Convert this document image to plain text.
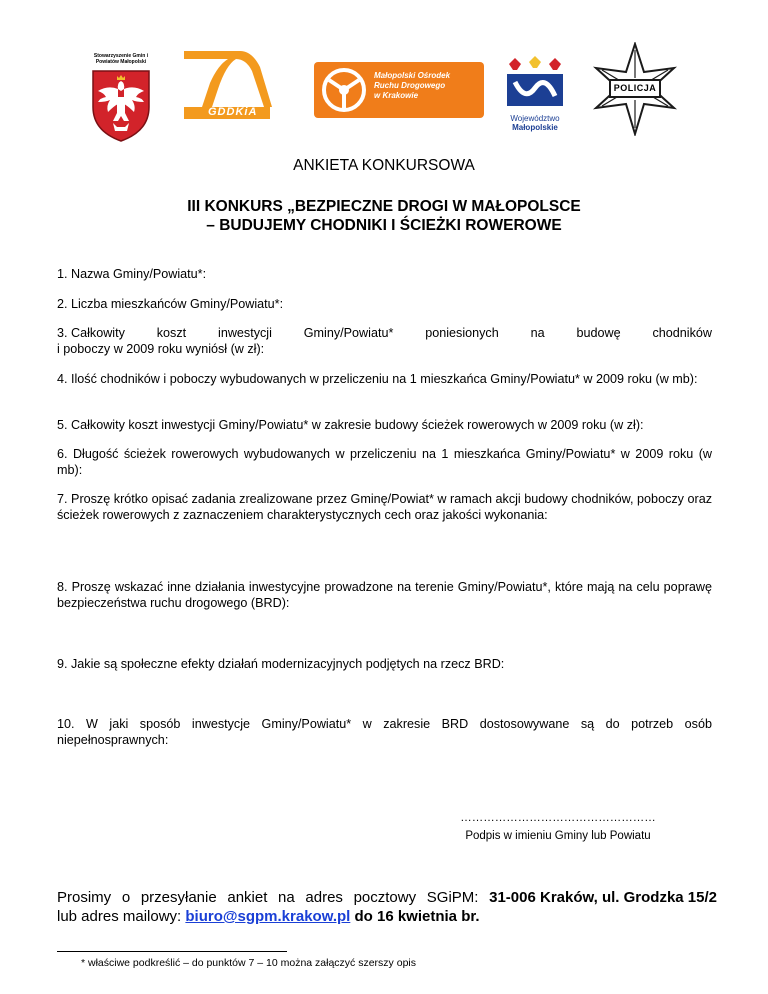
Stowarzyszenie Gmin i Powiatów Małopolski
GDDKiA
Małopolski Ośrodek
Ruchu Drogowego
w Krakowie
Województwo
Małopolskie
POLICJA
ANKIETA KONKURSOWA
III KONKURS „BEZPIECZNE DROGI W MAŁOPOLSCE
– BUDUJEMY CHODNIKI I ŚCIEŻKI ROWEROWE
1. Nazwa Gminy/Powiatu*:
2. Liczba mieszkańców Gminy/Powiatu*:
3. Całkowity	koszt	inwestycji	Gminy/Powiatu*	poniesionych	na	budowę	chodników
i poboczy w 2009 roku wyniósł (w zł):
4. Ilość chodników i poboczy wybudowanych w przeliczeniu na 1 mieszkańca Gminy/Powiatu* w 2009 roku (w mb):
5. Całkowity koszt inwestycji Gminy/Powiatu* w zakresie budowy ścieżek rowerowych w 2009 roku (w zł):
6. Długość ścieżek rowerowych wybudowanych w przeliczeniu na 1 mieszkańca Gminy/Powiatu* w 2009 roku (w mb):
7. Proszę krótko opisać zadania zrealizowane przez Gminę/Powiat* w ramach akcji budowy chodników, poboczy oraz ścieżek rowerowych z zaznaczeniem charakterystycznych cech oraz jakości wykonania:
8. Proszę wskazać inne działania inwestycyjne prowadzone na terenie Gminy/Powiatu*, które mają na celu poprawę bezpieczeństwa ruchu drogowego (BRD):
9. Jakie są społeczne efekty działań modernizacyjnych podjętych na rzecz BRD:
10. W jaki sposób inwestycje Gminy/Powiatu* w zakresie BRD dostosowywane są do potrzeb osób niepełnosprawnych:
……………………………………………
Podpis w imieniu Gminy lub Powiatu
Prosimy o przesyłanie ankiet na adres pocztowy SGiPM: 31-006 Kraków, ul. Grodzka 15/2
lub adres mailowy: biuro@sgpm.krakow.pl do 16 kwietnia br.
* właściwe podkreślić – do punktów 7 – 10 można załączyć szerszy opis
